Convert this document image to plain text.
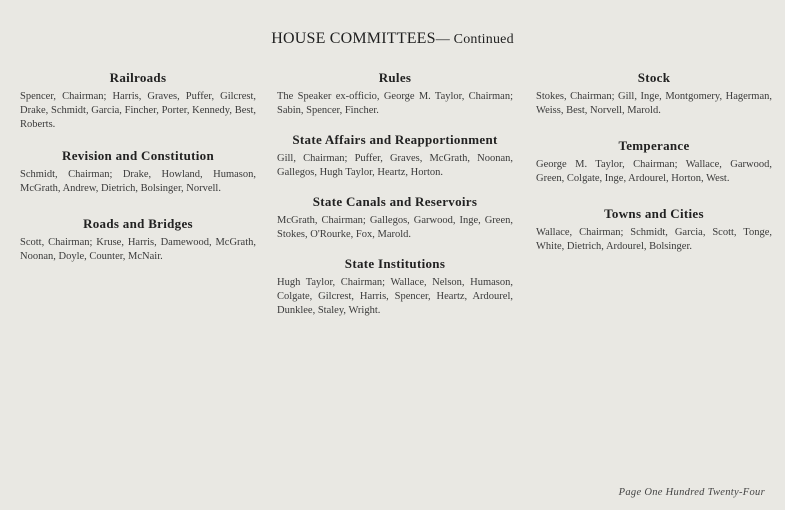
HOUSE COMMITTEES— Continued
Railroads

Spencer, Chairman; Harris, Graves, Puffer, Gilcrest, Drake, Schmidt, Garcia, Fincher, Porter, Kennedy, Best, Roberts.

Revision and Constitution

Schmidt, Chairman; Drake, Howland, Humason, McGrath, Andrew, Dietrich, Bolsinger, Norvell.

Roads and Bridges

Scott, Chairman; Kruse, Harris, Damewood, McGrath, Noonan, Doyle, Counter, McNair.

Rules

The Speaker ex-officio, George M. Taylor, Chairman; Sabin, Spencer, Fincher.

State Affairs and Reapportionment

Gill, Chairman; Puffer, Graves, McGrath, Noonan, Gallegos, Hugh Taylor, Heartz, Horton.

State Canals and Reservoirs

McGrath, Chairman; Gallegos, Garwood, Inge, Green, Stokes, O'Rourke, Fox, Marold.

State Institutions

Hugh Taylor, Chairman; Wallace, Nelson, Humason, Colgate, Gilcrest, Harris, Spencer, Heartz, Ardourel, Dunklee, Staley, Wright.

Stock

Stokes, Chairman; Gill, Inge, Montgomery, Hagerman, Weiss, Best, Norvell, Marold.

Temperance

George M. Taylor, Chairman; Wallace, Garwood, Green, Colgate, Inge, Ardourel, Horton, West.

Towns and Cities

Wallace, Chairman; Schmidt, Garcia, Scott, Tonge, White, Dietrich, Ardourel, Bolsinger.

Page One Hundred Twenty-Four
